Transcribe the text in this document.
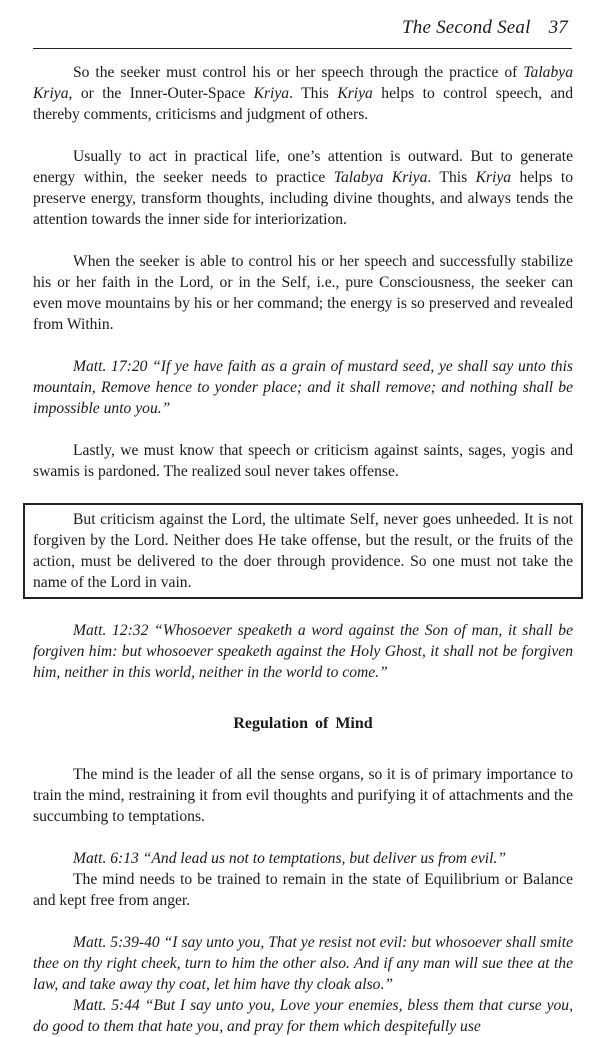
The Second Seal 37

So the seeker must control his or her speech through the practice of Talabya Kriya, or the Inner-Outer-Space Kriya. This Kriya helps to control speech, and thereby comments, criticisms and judgment of others.

Usually to act in practical life, one’s attention is outward. But to generate energy within, the seeker needs to practice Talabya Kriya. This Kriya helps to preserve energy, transform thoughts, including divine thoughts, and always tends the attention towards the inner side for interiorization.

When the seeker is able to control his or her speech and successfully stabilize his or her faith in the Lord, or in the Self, i.e., pure Consciousness, the seeker can even move mountains by his or her command; the energy is so preserved and revealed from Within.

Matt. 17:20 “If ye have faith as a grain of mustard seed, ye shall say unto this mountain, Remove hence to yonder place; and it shall remove; and nothing shall be impossible unto you.”

Lastly, we must know that speech or criticism against saints, sages, yogis and swamis is pardoned. The realized soul never takes offense.

But criticism against the Lord, the ultimate Self, never goes unheeded. It is not forgiven by the Lord. Neither does He take offense, but the result, or the fruits of the action, must be delivered to the doer through providence. So one must not take the name of the Lord in vain.

Matt. 12:32 “Whosoever speaketh a word against the Son of man, it shall be forgiven him: but whosoever speaketh against the Holy Ghost, it shall not be forgiven him, neither in this world, neither in the world to come.”

Regulation of Mind

The mind is the leader of all the sense organs, so it is of primary importance to train the mind, restraining it from evil thoughts and purifying it of attachments and the succumbing to temptations.

Matt. 6:13 “And lead us not to temptations, but deliver us from evil.”

The mind needs to be trained to remain in the state of Equilibrium or Balance and kept free from anger.

Matt. 5:39-40 “I say unto you, That ye resist not evil: but whosoever shall smite thee on thy right cheek, turn to him the other also. And if any man will sue thee at the law, and take away thy coat, let him have thy cloak also.”

Matt. 5:44 “But I say unto you, Love your enemies, bless them that curse you, do good to them that hate you, and pray for them which despitefully use
